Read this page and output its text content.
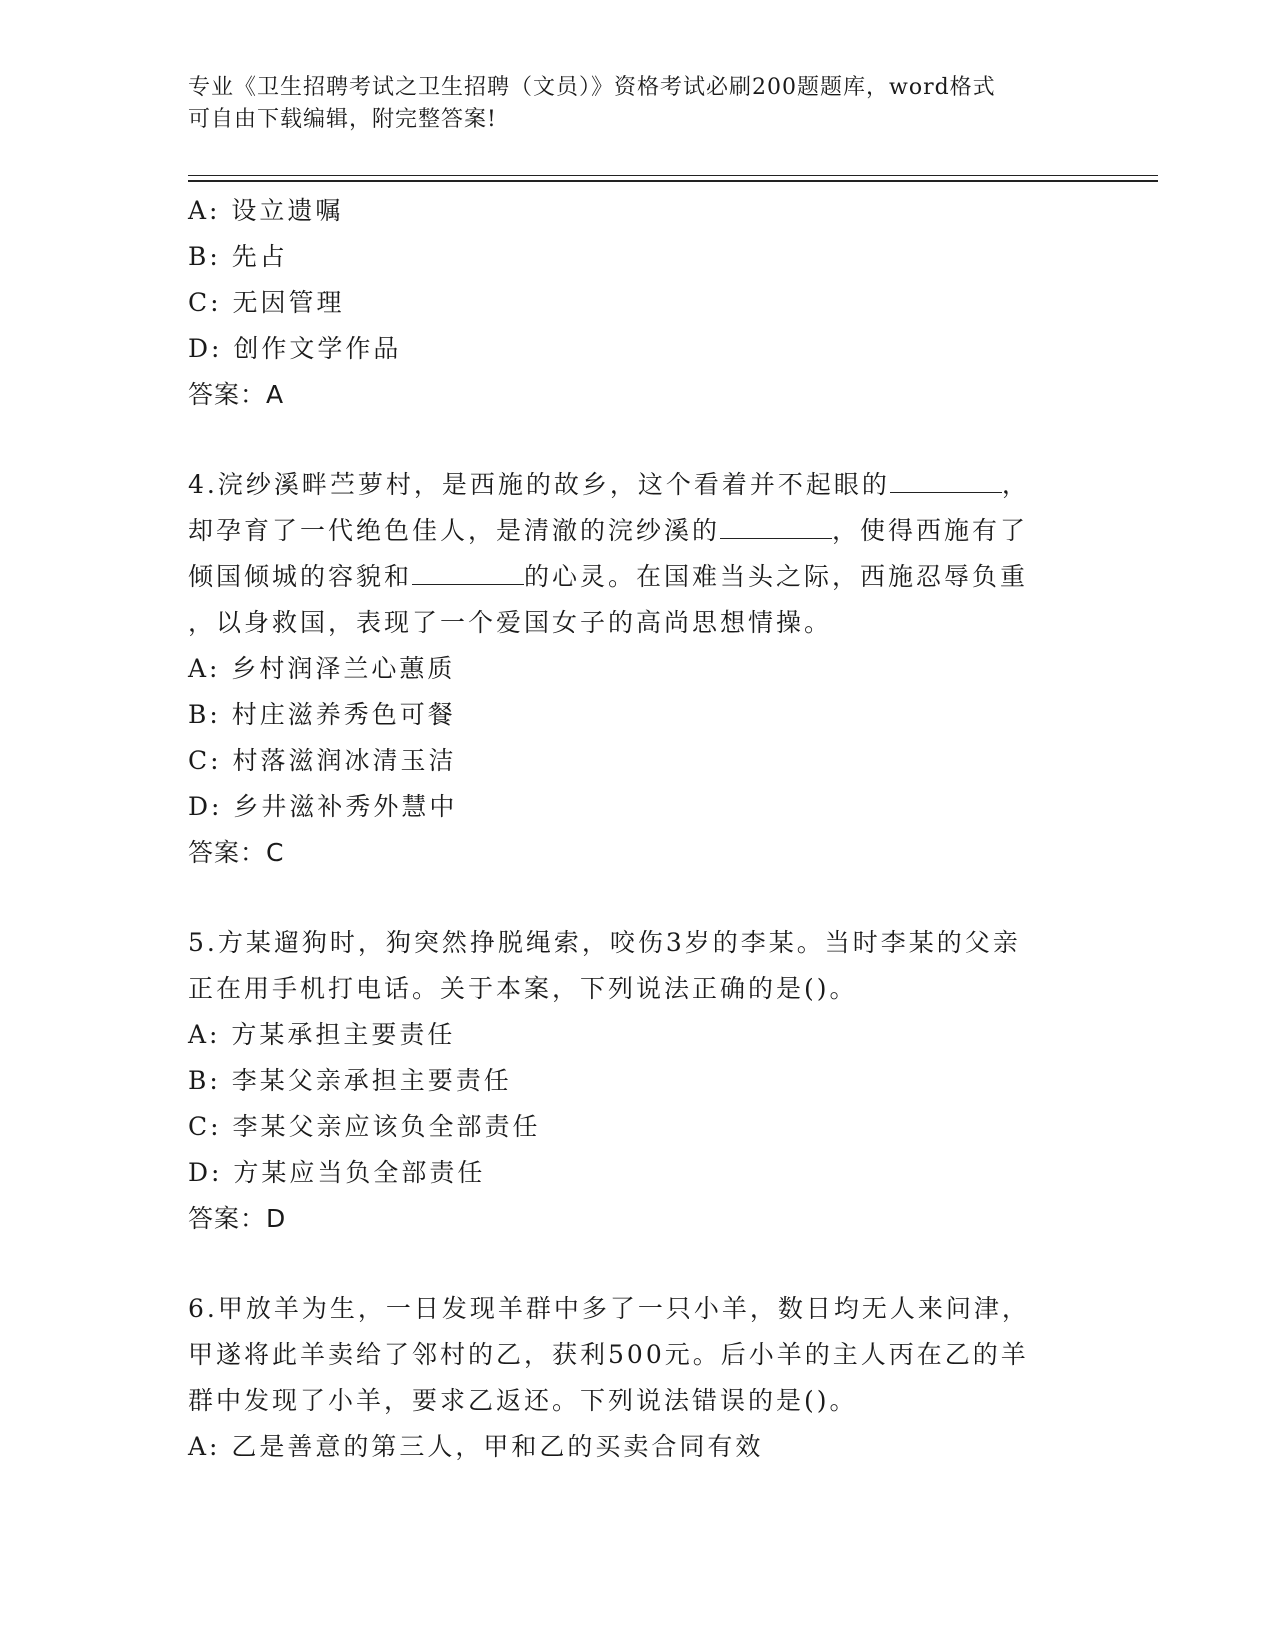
专业《卫生招聘考试之卫生招聘（文员）》资格考试必刷200题题库，word格式
可自由下载编辑，附完整答案!
A: 设立遗嘱
B: 先占
C: 无因管理
D: 创作文学作品
答案：A
4.浣纱溪畔苎萝村，是西施的故乡，这个看着并不起眼的	，
却孕育了一代绝色佳人，是清澈的浣纱溪的	，使得西施有了
倾国倾城的容貌和	的心灵。在国难当头之际，西施忍辱负重
，以身救国，表现了一个爱国女子的高尚思想情操。
A: 乡村润泽兰心蕙质
B: 村庄滋养秀色可餐
C: 村落滋润冰清玉洁
D: 乡井滋补秀外慧中
答案：C
5.方某遛狗时，狗突然挣脱绳索，咬伤3岁的李某。当时李某的父亲
正在用手机打电话。关于本案，下列说法正确的是()。
A: 方某承担主要责任
B: 李某父亲承担主要责任
C: 李某父亲应该负全部责任
D: 方某应当负全部责任
答案：D
6.甲放羊为生，一日发现羊群中多了一只小羊，数日均无人来问津，
甲遂将此羊卖给了邻村的乙，获利500元。后小羊的主人丙在乙的羊
群中发现了小羊，要求乙返还。下列说法错误的是()。
A: 乙是善意的第三人，甲和乙的买卖合同有效
